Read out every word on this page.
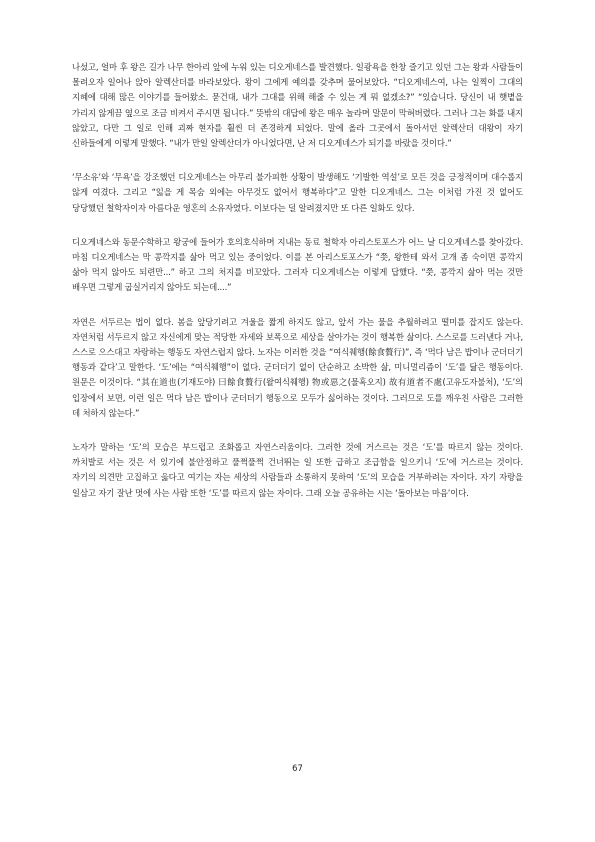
나섰고, 얼마 후 왕은 길가 나무 한아리 앞에 누워 있는 디오게네스를 발견했다. 일광욕을 한창 즐기고 있던 그는 왕과 사람들이 몰려오자 일어나 앉아 알렉산더를 바라보았다. 왕이 그에게 예의를 갖추며 물어보았다. “디오게네스여, 나는 일찍이 그대의 지혜에 대해 많은 이야기를 들어왔소. 묻건대, 내가 그대를 위해 해줄 수 있는 게 뭐 없겠소?” “있습니다. 당신이 내 햇볕을 가리지 않게끔 옆으로 조금 비켜서 주시면 됩니다.” 뜻밖의 대답에 왕은 매우 놀라며 말문이 막혀버렸다. 그러나 그는 화를 내지 않았고, 다만 그 일로 인해 괴짜 현자를 훨씬 더 존경하게 되었다. 말에 올라 그곳에서 돌아서던 알렉산더 대왕이 자기 신하들에게 이렇게 말했다. “내가 만일 알렉산더가 아니었다면, 난 저 디오게네스가 되기를 바랐을 것이다.”

‘무소유’와 ‘무욕’을 강조했던 디오게네스는 아무리 불가피한 상황이 발생해도 ‘기발한 역설’로 모든 것을 긍정적이며 대수롭지 않게 여겼다. 그리고 “잃을 게 목숨 외에는 아무것도 없어서 행복하다”고 말한 디오게네스. 그는 이처럼 가진 것 없어도 당당했던 철학자이자 아름다운 영혼의 소유자였다. 이보다는 덜 알려졌지만 또 다른 일화도 있다.

디오게네스와 동문수학하고 왕궁에 들어가 호의호식하며 지내는 동료 철학자 아리스토포스가 어느 날 디오게네스를 찾아갔다. 마침 디오게네스는 막 콩깍지를 삶아 먹고 있는 중이었다. 이를 본 아리스토포스가 “쯧, 왕한테 와서 고개 좀 숙이면 콩깍지 삶아 먹지 않아도 되련만...” 하고 그의 처지를 비꼬았다. 그러자 디오게네스는 이렇게 답했다. “쯧, 콩깍지 삶아 먹는 것만 배우면 그렇게 굽실거리지 않아도 되는데....”

자연은 서두르는 법이 없다. 봄을 앞당기려고 겨울을 짧게 하지도 않고, 앞서 가는 물을 추월하려고 떨미를 잡지도 않는다. 자연처럼 서두르지 않고 자신에게 맞는 적당한 자세와 보폭으로 세상을 살아가는 것이 행복한 삶이다. 스스로를 드러낸다 거나, 스스로 으스대고 자랑하는 행동도 자연스럽지 않다. 노자는 이러한 것을 “여식췌행(餘食贅行)”, 즉 ‘먹다 남은 밥이나 군더더기 행동과 같다’고 말한다. ‘도’에는 “여식췌행”이 없다. 군더더기 없이 단순하고 소박한 삶, 미니멀리즘이 ‘도’를 닮은 행동이다. 원문은 이것이다. “其在道也(기재도야) 曰餘食贅行(왈여식췌행) 物或惡之(물혹오지) 故有道者不處(고유도자불처), ‘도’의 입장에서 보면, 이런 일은 먹다 남은 밥이나 군더더기 행동으로 모두가 싫어하는 것이다. 그러므로 도를 깨우친 사람은 그러한 데 처하지 않는다.”

노자가 말하는 ‘도’의 모습은 부드럽고 조화롭고 자연스러움이다. 그러한 것에 거스르는 것은 ‘도’를 따르지 않는 것이다. 까치발로 서는 것은 서 있기에 불안정하고 풀쩍풀쩍 건너뛰는 일 또한 급하고 조급함을 일으키니 ‘도’에 거스르는 것이다. 자기의 의견만 고집하고 옳다고 여기는 자는 세상의 사람들과 소통하지 못하여 ‘도’의 모습을 거부하려는 자이다. 자기 자랑을 일삼고 자기 잘난 멋에 사는 사람 또한 ‘도’를 따르지 않는 자이다. 그래 오늘 공유하는 시는 ‘돌아보는 마음’이다.

67
